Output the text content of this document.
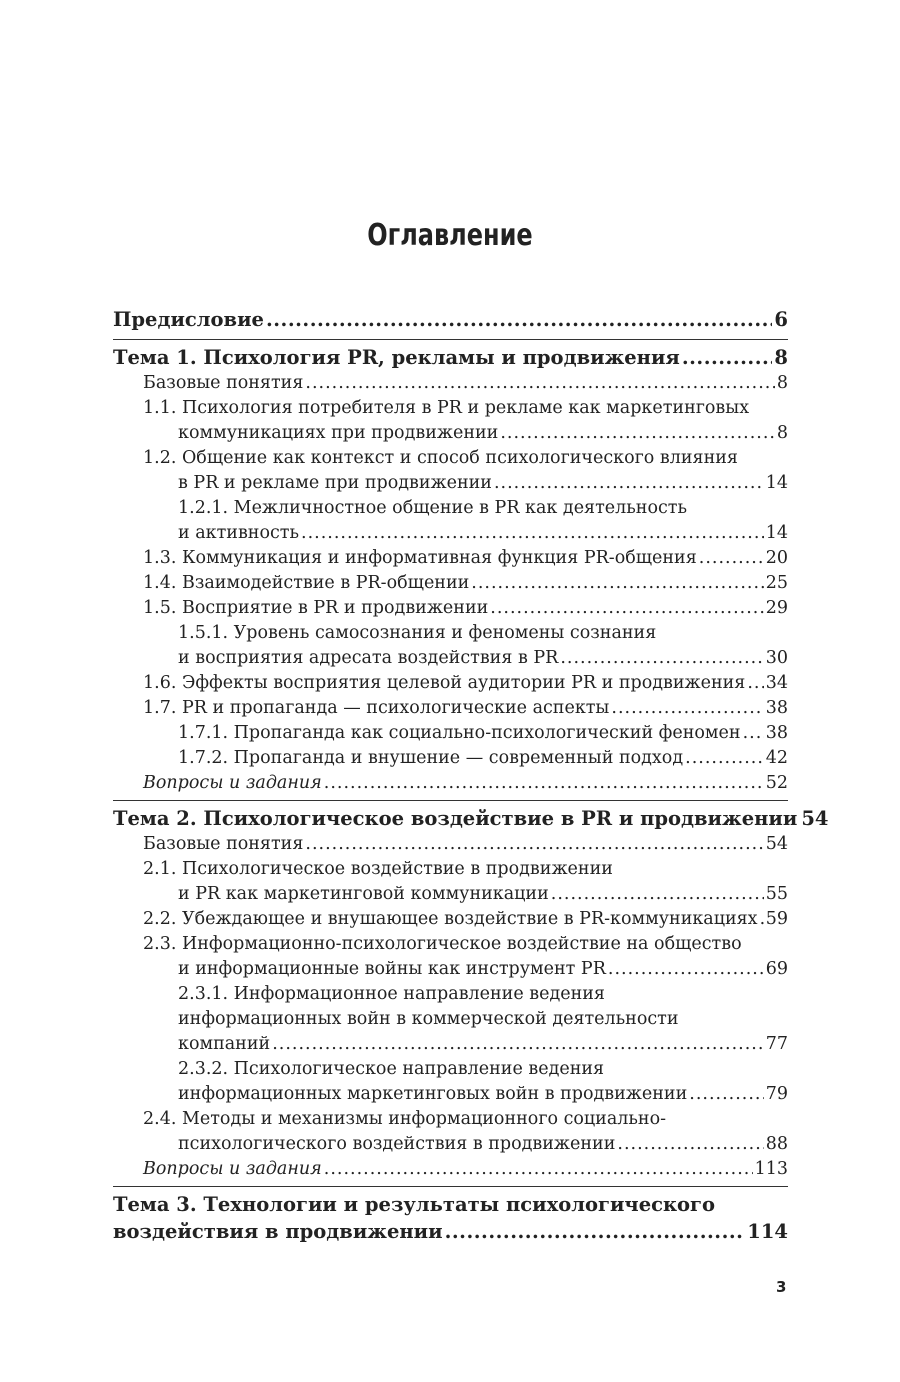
Оглавление
Предисловие .....	6
Тема 1. Психология PR, рекламы и продвижения .....	8
Базовые понятия .....	8
1.1. Психология потребителя в PR и рекламе как маркетинговых
коммуникациях при продвижении .....	8
1.2. Общение как контекст и способ психологического влияния
в PR и рекламе при продвижении .....	14
1.2.1. Межличностное общение в PR как деятельность
и активность .....	14
1.3. Коммуникация и информативная функция PR-общения .....	20
1.4. Взаимодействие в PR-общении .....	25
1.5. Восприятие в PR и продвижении .....	29
1.5.1. Уровень самосознания и феномены сознания
и восприятия адресата воздействия в PR .....	30
1.6. Эффекты восприятия целевой аудитории PR и продвижения ..... 34
1.7. PR и пропаганда — психологические аспекты .....	38
1.7.1. Пропаганда как социально-психологический феномен ..... 38
1.7.2. Пропаганда и внушение — современный подход .....	42
Вопросы и задания .....	52
Тема 2. Психологическое воздействие в PR и продвижении 54
Базовые понятия .....	54
2.1. Психологическое воздействие в продвижении
и PR как маркетинговой коммуникации .....	55
2.2. Убеждающее и внушающее воздействие в PR-коммуникациях ..... 59
2.3. Информационно-психологическое воздействие на общество
и информационные войны как инструмент PR .....	69
2.3.1. Информационное направление ведения
информационных войн в коммерческой деятельности
компаний .....	77
2.3.2. Психологическое направление ведения
информационных маркетинговых войн в продвижении .....	79
2.4. Методы и механизмы информационного социально-
психологического воздействия в продвижении .....	88
Вопросы и задания .....	113
Тема 3. Технологии и результаты психологического
воздействия в продвижении .....	114
3
